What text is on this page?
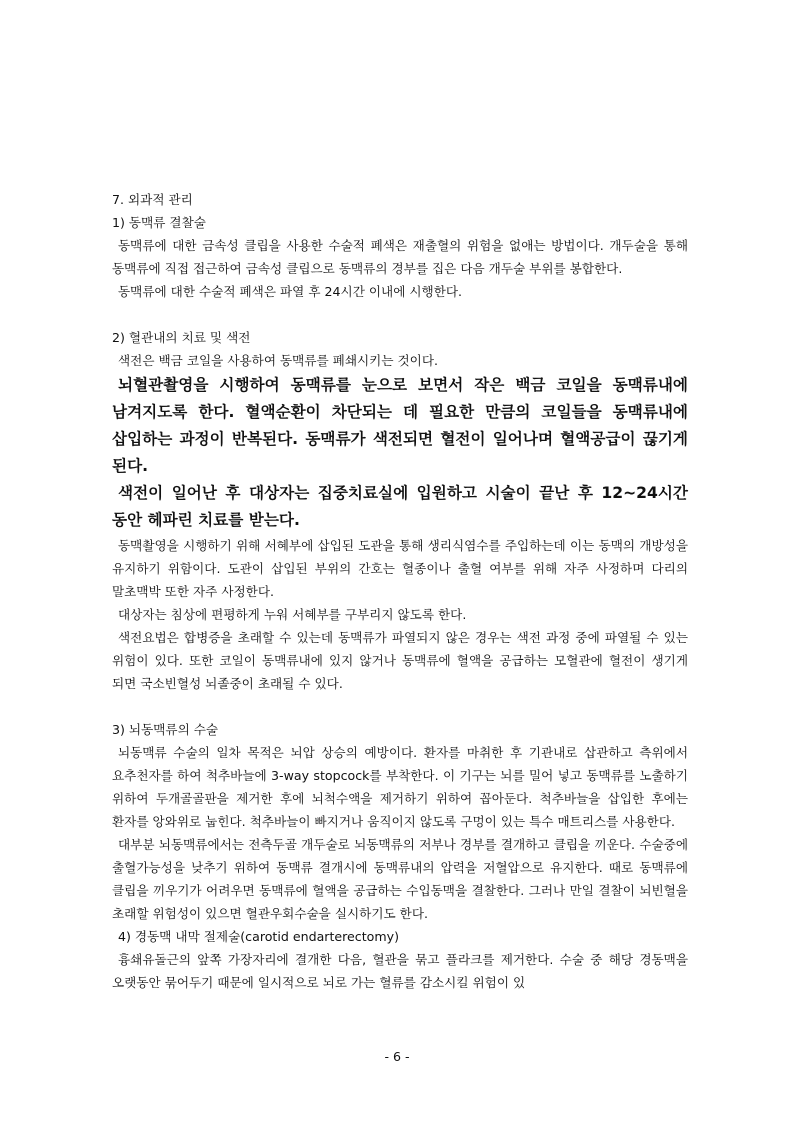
7. 외과적 관리

1) 동맥류 결찰술

동맥류에 대한 금속성 클립을 사용한 수술적 폐색은 재출혈의 위험을 없애는 방법이다. 개두술을 통해 동맥류에 직접 접근하여 금속성 클립으로 동맥류의 경부를 집은 다음 개두술 부위를 봉합한다.

동맥류에 대한 수술적 폐색은 파열 후 24시간 이내에 시행한다.

2) 혈관내의 치료 및 색전

색전은 백금 코일을 사용하여 동맥류를 폐쇄시키는 것이다.

뇌혈관촬영을 시행하여 동맥류를 눈으로 보면서 작은 백금 코일을 동맥류내에 남겨지도록 한다. 혈액순환이 차단되는 데 필요한 만큼의 코일들을 동맥류내에 삽입하는 과정이 반복된다. 동맥류가 색전되면 혈전이 일어나며 혈액공급이 끊기게 된다.

색전이 일어난 후 대상자는 집중치료실에 입원하고 시술이 끝난 후 12~24시간 동안 헤파린 치료를 받는다.

동맥촬영을 시행하기 위해 서혜부에 삽입된 도관을 통해 생리식염수를 주입하는데 이는 동맥의 개방성을 유지하기 위함이다. 도관이 삽입된 부위의 간호는 혈종이나 출혈 여부를 위해 자주 사정하며 다리의 말초맥박 또한 자주 사정한다.

대상자는 침상에 편평하게 누워 서혜부를 구부리지 않도록 한다.

색전요법은 합병증을 초래할 수 있는데 동맥류가 파열되지 않은 경우는 색전 과정 중에 파열될 수 있는 위험이 있다. 또한 코일이 동맥류내에 있지 않거나 동맥류에 혈액을 공급하는 모혈관에 혈전이 생기게 되면 국소빈혈성 뇌졸중이 초래될 수 있다.

3) 뇌동맥류의 수술

뇌동맥류 수술의 일차 목적은 뇌압 상승의 예방이다. 환자를 마취한 후 기관내로 삽관하고 측위에서 요추천자를 하여 척추바늘에 3-way stopcock를 부착한다. 이 기구는 뇌를 밀어 넣고 동맥류를 노출하기 위하여 두개골골판을 제거한 후에 뇌척수액을 제거하기 위하여 꼽아둔다. 척추바늘을 삽입한 후에는 환자를 앙와위로 눕힌다. 척추바늘이 빠지거나 움직이지 않도록 구멍이 있는 특수 매트리스를 사용한다.

대부분 뇌동맥류에서는 전측두골 개두술로 뇌동맥류의 저부나 경부를 결개하고 클립을 끼운다. 수술중에 출혈가능성을 낮추기 위하여 동맥류 결개시에 동맥류내의 압력을 저혈압으로 유지한다. 때로 동맥류에 클립을 끼우기가 어려우면 동맥류에 혈액을 공급하는 수입동맥을 결찰한다. 그러나 만일 결찰이 뇌빈혈을 초래할 위험성이 있으면 혈관우회수술을 실시하기도 한다.

4) 경동맥 내막 절제술(carotid endarterectomy)

흉쇄유돌근의 앞쪽 가장자리에 결개한 다음, 혈관을 묶고 플라크를 제거한다. 수술 중 해당 경동맥을 오랫동안 묶어두기 때문에 일시적으로 뇌로 가는 혈류를 감소시킬 위험이 있

- 6 -
